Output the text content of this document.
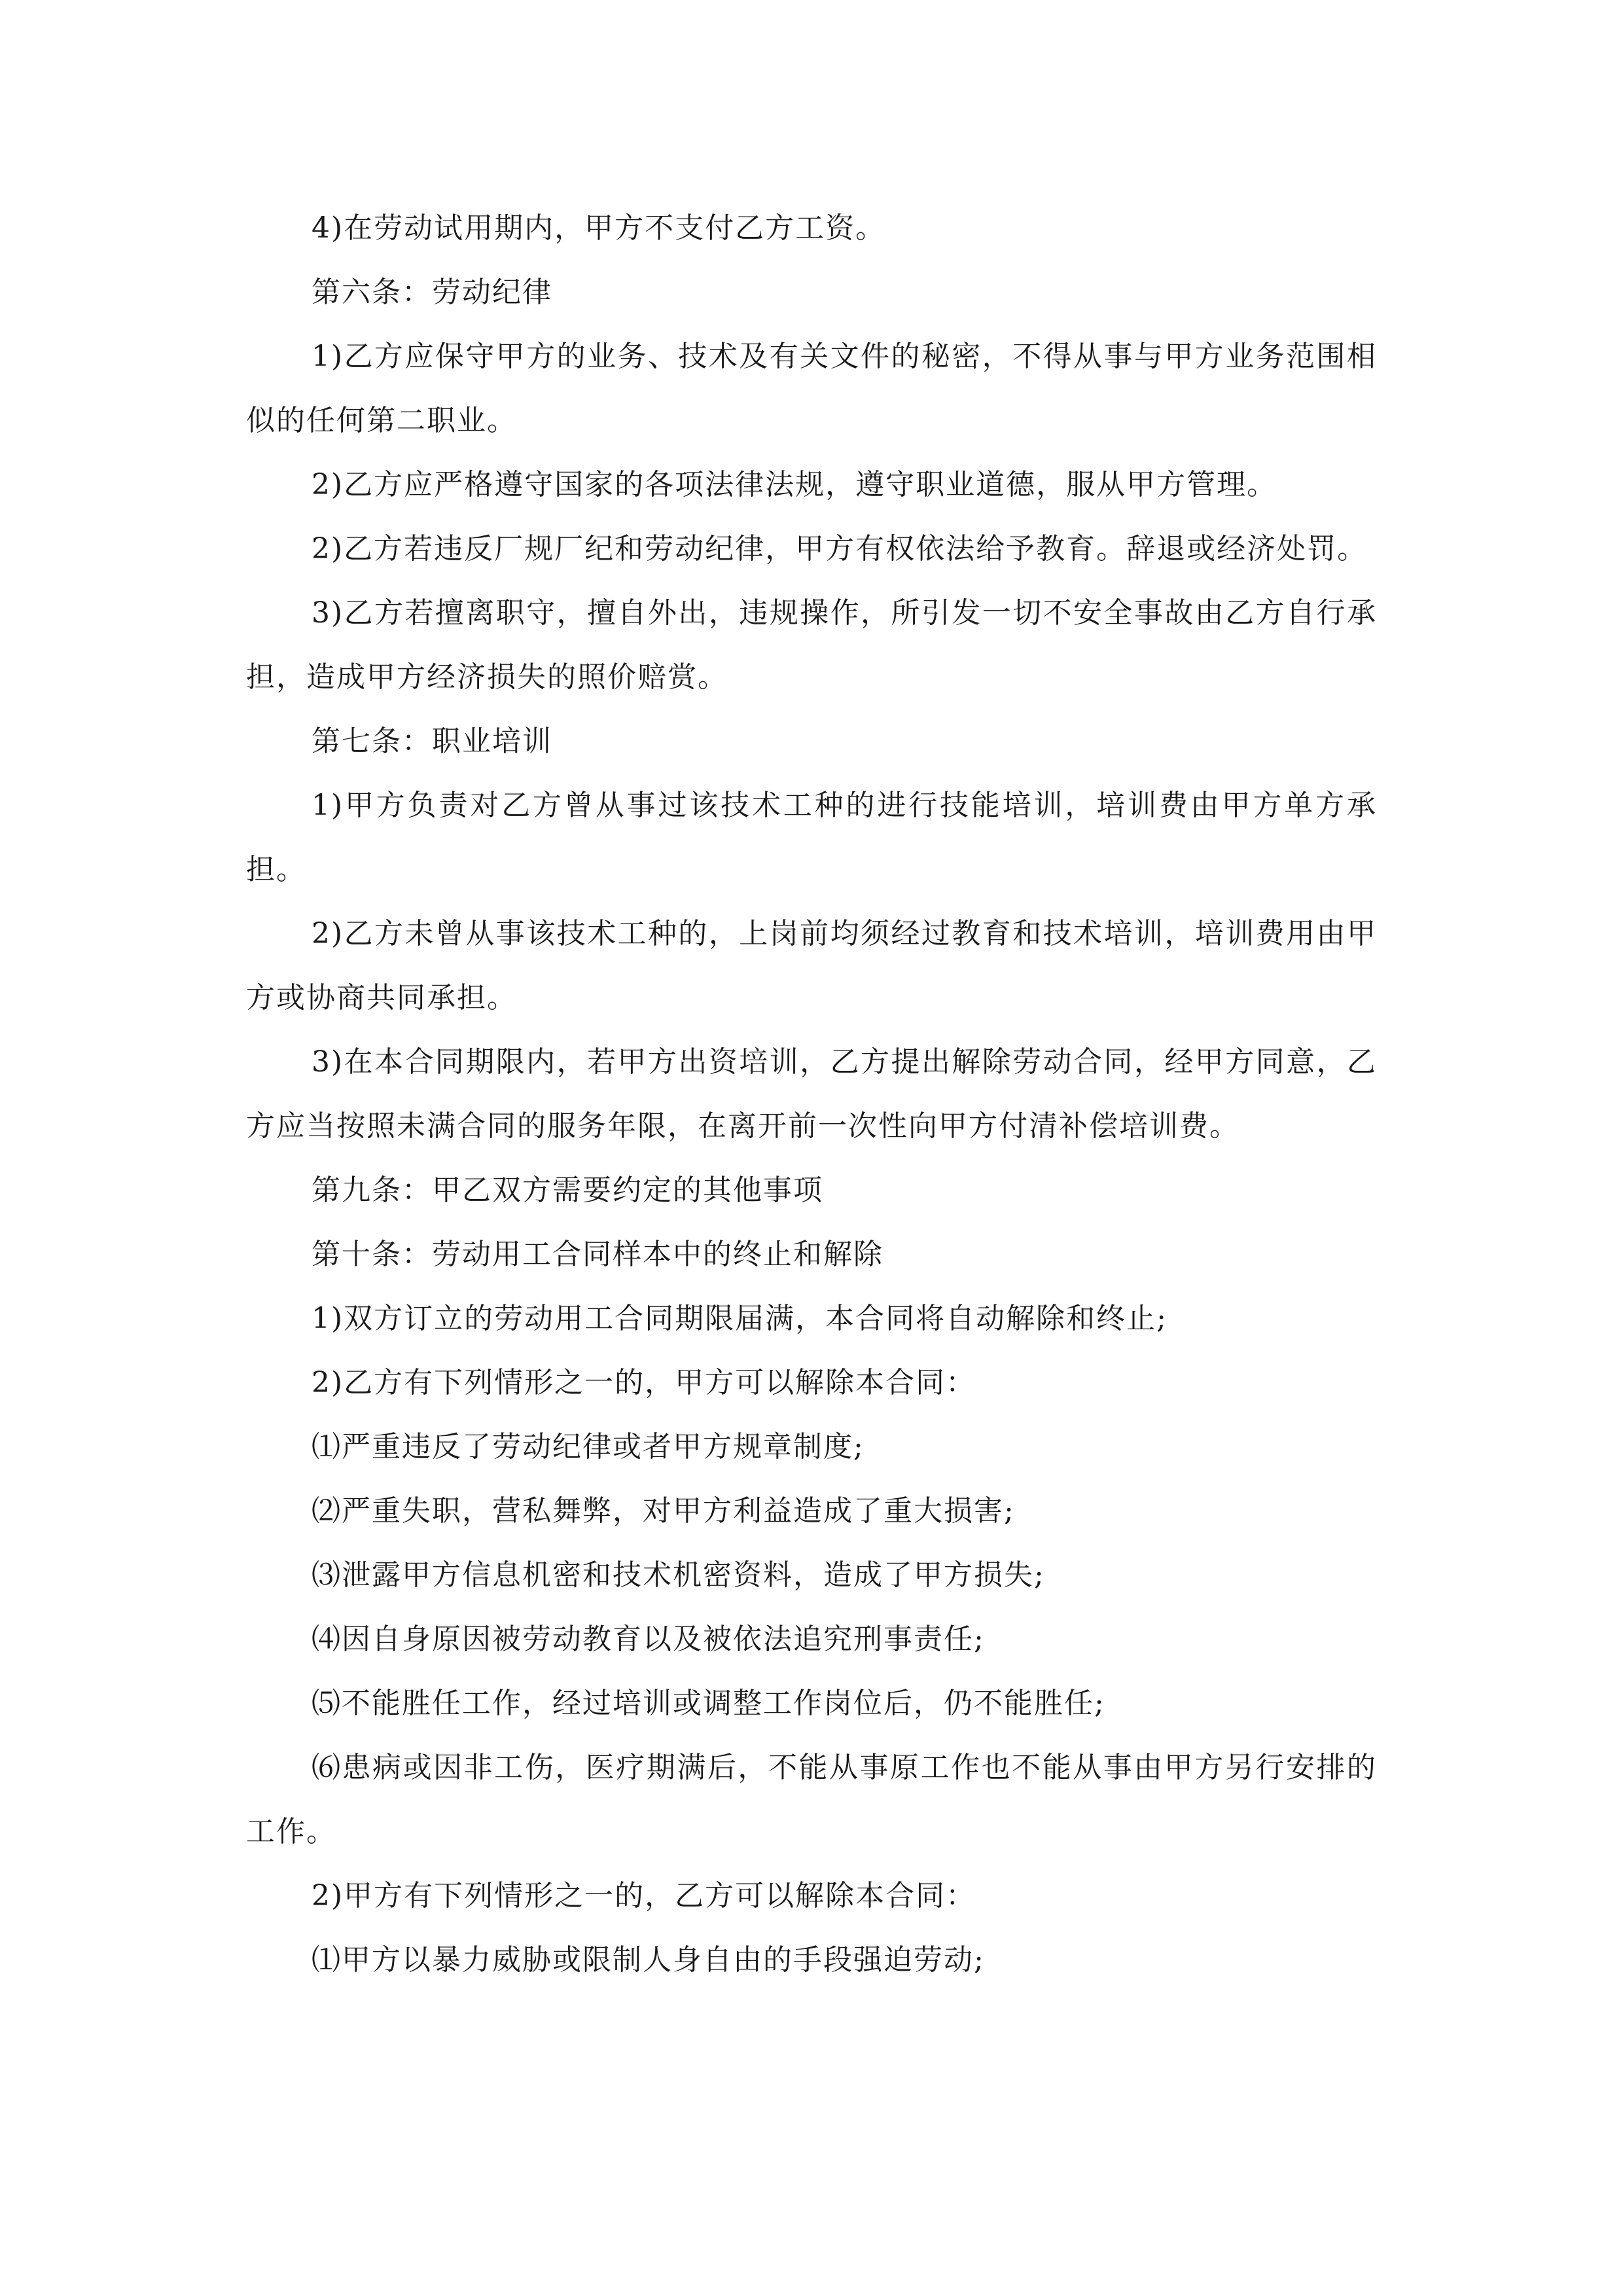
4)在劳动试用期内，甲方不支付乙方工资。

第六条：劳动纪律

1)乙方应保守甲方的业务、技术及有关文件的秘密，不得从事与甲方业务范围相似的任何第二职业。

2)乙方应严格遵守国家的各项法律法规，遵守职业道德，服从甲方管理。

2)乙方若违反厂规厂纪和劳动纪律，甲方有权依法给予教育。辞退或经济处罚。

3)乙方若擅离职守，擅自外出，违规操作，所引发一切不安全事故由乙方自行承担，造成甲方经济损失的照价赔赏。

第七条：职业培训

1)甲方负责对乙方曾从事过该技术工种的进行技能培训，培训费由甲方单方承担。

2)乙方未曾从事该技术工种的，上岗前均须经过教育和技术培训，培训费用由甲方或协商共同承担。

3)在本合同期限内，若甲方出资培训，乙方提出解除劳动合同，经甲方同意，乙方应当按照未满合同的服务年限，在离开前一次性向甲方付清补偿培训费。

第九条：甲乙双方需要约定的其他事项

第十条：劳动用工合同样本中的终止和解除

1)双方订立的劳动用工合同期限届满，本合同将自动解除和终止;

2)乙方有下列情形之一的，甲方可以解除本合同：

⑴严重违反了劳动纪律或者甲方规章制度;

⑵严重失职，营私舞弊，对甲方利益造成了重大损害;

⑶泄露甲方信息机密和技术机密资料，造成了甲方损失;

⑷因自身原因被劳动教育以及被依法追究刑事责任;

⑸不能胜任工作，经过培训或调整工作岗位后，仍不能胜任;

⑹患病或因非工伤，医疗期满后，不能从事原工作也不能从事由甲方另行安排的工作。

2)甲方有下列情形之一的，乙方可以解除本合同：

⑴甲方以暴力威胁或限制人身自由的手段强迫劳动;
